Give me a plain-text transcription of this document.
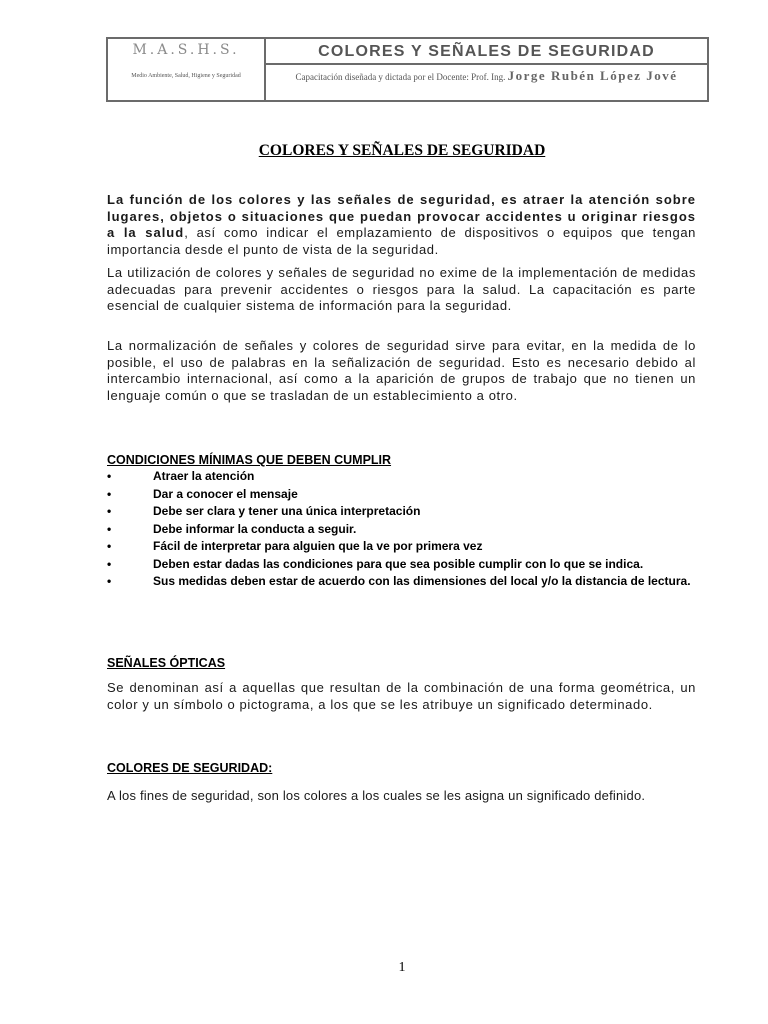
M.A.S.H.S.
Medio Ambiente, Salud, Higiene y Seguridad
COLORES Y SEÑALES DE SEGURIDAD
Capacitación diseñada y dictada por el Docente: Prof. Ing. Jorge Rubén López Jové
COLORES Y SEÑALES DE SEGURIDAD
La función de los colores y las señales de seguridad, es atraer la atención sobre lugares, objetos o situaciones que puedan provocar accidentes u originar riesgos a la salud, así como indicar el emplazamiento de dispositivos o equipos que tengan importancia desde el punto de vista de la seguridad.
La utilización de colores y señales de seguridad no exime de la implementación de medidas adecuadas para prevenir accidentes o riesgos para la salud. La capacitación es parte esencial de cualquier sistema de información para la seguridad.
La normalización de señales y colores de seguridad sirve para evitar, en la medida de lo posible, el uso de palabras en la señalización de seguridad. Esto es necesario debido al intercambio internacional, así como a la aparición de grupos de trabajo que no tienen un lenguaje común o que se trasladan de un establecimiento a otro.
CONDICIONES MÍNIMAS QUE DEBEN CUMPLIR
•	Atraer la atención
•	Dar a conocer el mensaje
•	Debe ser clara y tener una única interpretación
•	Debe informar la conducta a seguir.
•	Fácil de interpretar para alguien que la ve por primera vez
•	Deben estar dadas las condiciones para que sea posible cumplir con lo que se indica.
•	Sus medidas deben estar de acuerdo con las dimensiones del local y/o la distancia de lectura.
SEÑALES ÓPTICAS
Se denominan así a aquellas que resultan de la combinación de una forma geométrica, un color y un símbolo o pictograma, a los que se les atribuye un significado determinado.
COLORES DE SEGURIDAD:
A los fines de seguridad, son los colores a los cuales se les asigna un significado definido.
1
